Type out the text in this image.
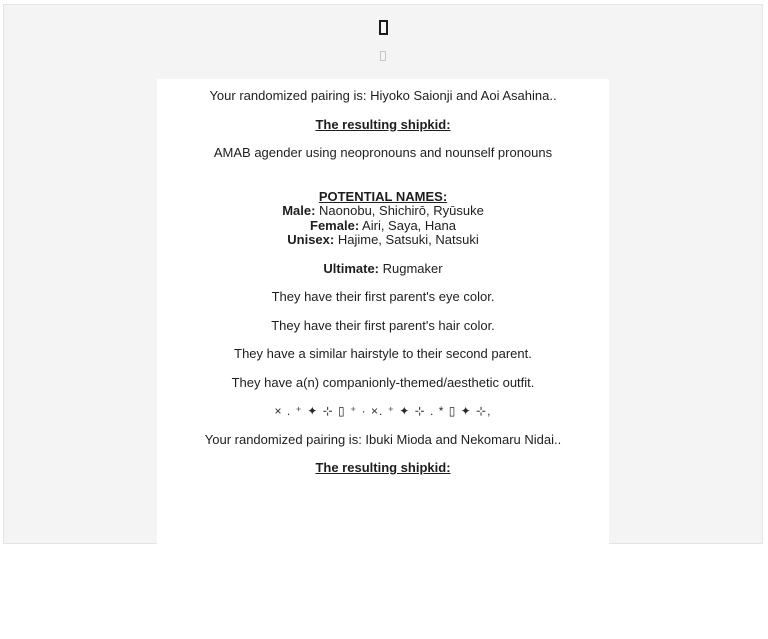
Your randomized pairing is: Hiyoko Saionji and Aoi Asahina..

The resulting shipkid:

AMAB agender using neopronouns and nounself pronouns

POTENTIAL NAMES:
Male: Naonobu, Shichirō, Ryūsuke
Female: Airi, Saya, Hana
Unisex: Hajime, Satsuki, Natsuki

Ultimate: Rugmaker

They have their first parent's eye color.

They have their first parent's hair color.

They have a similar hairstyle to their second parent.

They have a(n) companionly-themed/aesthetic outfit.

× . ⁺ ✦ ⊹ ▯ ⁺ · ×. ⁺ ✦ ⊹ . * ▯ ✦ ⊹,

Your randomized pairing is: Ibuki Mioda and Nekomaru Nidai..

The resulting shipkid:
